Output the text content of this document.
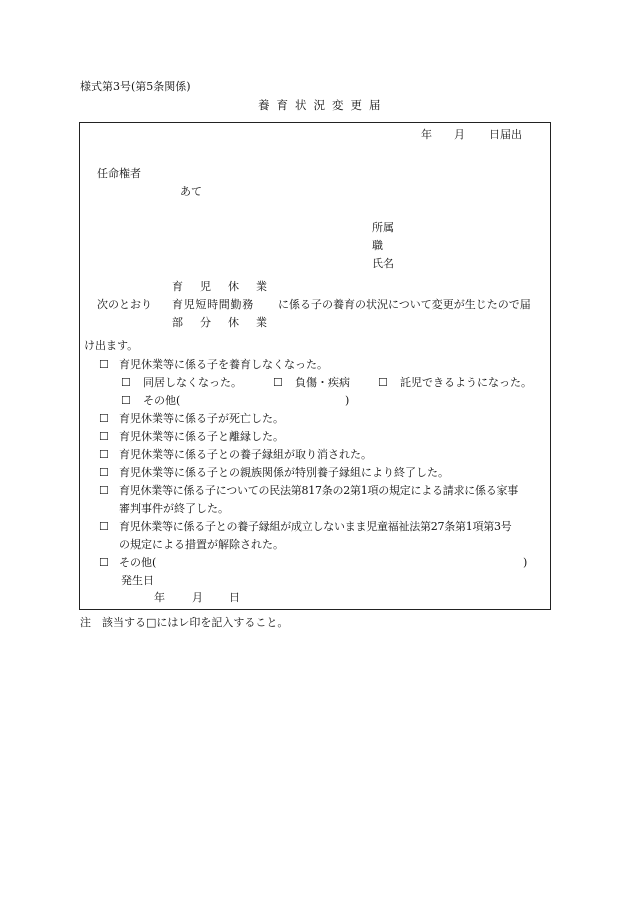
様式第3号(第5条関係)
養 育 状 況 変 更 届
年 月 日届出
任命権者
あて
所属
職
氏名
育 児 休 業
次のとおり 育児短時間勤務 に係る子の養育の状況について変更が生じたので届
部 分 休 業
け出ます。
☐ 育児休業等に係る子を養育しなくなった。
☐ 同居しなくなった。	☐ 負傷・疾病	☐ 託児できるようになった。
☐ その他(	)
☐ 育児休業等に係る子が死亡した。
☐ 育児休業等に係る子と離縁した。
☐ 育児休業等に係る子との養子縁組が取り消された。
☐ 育児休業等に係る子との親族関係が特別養子縁組により終了した。
☐ 育児休業等に係る子についての民法第817条の2第1項の規定による請求に係る家事
審判事件が終了した。
☐ 育児休業等に係る子との養子縁組が成立しないまま児童福祉法第27条第1項第3号
の規定による措置が解除された。
☐ その他(	)
発生日
年 月 日
注　該当する□にはレ印を記入すること。
